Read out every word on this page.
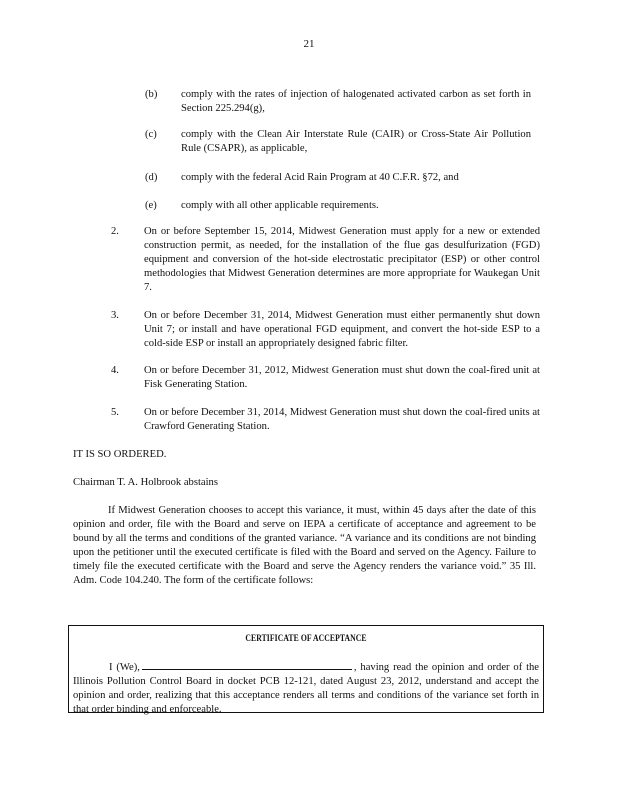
21
(b) comply with the rates of injection of halogenated activated carbon as set forth in Section 225.294(g),
(c) comply with the Clean Air Interstate Rule (CAIR) or Cross-State Air Pollution Rule (CSAPR), as applicable,
(d) comply with the federal Acid Rain Program at 40 C.F.R. §72, and
(e) comply with all other applicable requirements.
2. On or before September 15, 2014, Midwest Generation must apply for a new or extended construction permit, as needed, for the installation of the flue gas desulfurization (FGD) equipment and conversion of the hot-side electrostatic precipitator (ESP) or other control methodologies that Midwest Generation determines are more appropriate for Waukegan Unit 7.
3. On or before December 31, 2014, Midwest Generation must either permanently shut down Unit 7; or install and have operational FGD equipment, and convert the hot-side ESP to a cold-side ESP or install an appropriately designed fabric filter.
4. On or before December 31, 2012, Midwest Generation must shut down the coal-fired unit at Fisk Generating Station.
5. On or before December 31, 2014, Midwest Generation must shut down the coal-fired units at Crawford Generating Station.
IT IS SO ORDERED.
Chairman T. A. Holbrook abstains
If Midwest Generation chooses to accept this variance, it must, within 45 days after the date of this opinion and order, file with the Board and serve on IEPA a certificate of acceptance and agreement to be bound by all the terms and conditions of the granted variance. “A variance and its conditions are not binding upon the petitioner until the executed certificate is filed with the Board and served on the Agency. Failure to timely file the executed certificate with the Board and serve the Agency renders the variance void.” 35 Ill. Adm. Code 104.240. The form of the certificate follows:
CERTIFICATE OF ACCEPTANCE
I (We),	, having read the opinion and order of the Illinois Pollution Control Board in docket PCB 12-121, dated August 23, 2012, understand and accept the opinion and order, realizing that this acceptance renders all terms and conditions of the variance set forth in that order binding and enforceable.
